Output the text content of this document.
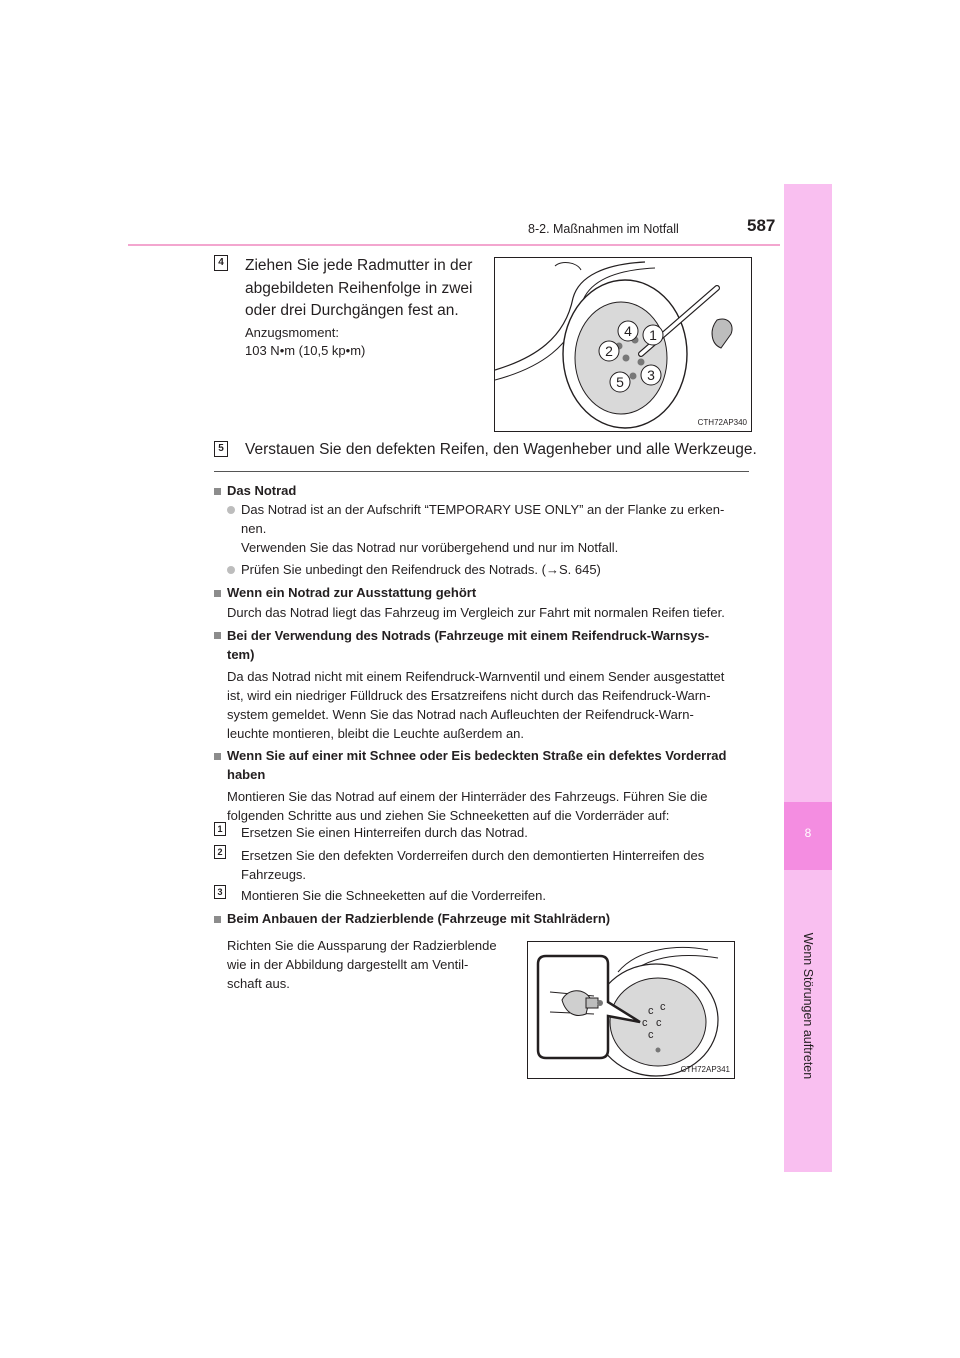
8-2. Maßnahmen im Notfall	587
8
Wenn Störungen auftreten
4 Ziehen Sie jede Radmutter in der abgebildeten Reihenfolge in zwei oder drei Durchgängen fest an.
Anzugsmoment:
103 N•m (10,5 kp•m)
4 1
2
3
5
CTH72AP340
5 Verstauen Sie den defekten Reifen, den Wagenheber und alle Werkzeuge.
Das Notrad
Das Notrad ist an der Aufschrift “TEMPORARY USE ONLY” an der Flanke zu erken-
nen.
Verwenden Sie das Notrad nur vorübergehend und nur im Notfall.
Prüfen Sie unbedingt den Reifendruck des Notrads. (→S. 645)
Wenn ein Notrad zur Ausstattung gehört
Durch das Notrad liegt das Fahrzeug im Vergleich zur Fahrt mit normalen Reifen tiefer.
Bei der Verwendung des Notrads (Fahrzeuge mit einem Reifendruck-Warnsys-
tem)
Da das Notrad nicht mit einem Reifendruck-Warnventil und einem Sender ausgestattet
ist, wird ein niedriger Fülldruck des Ersatzreifens nicht durch das Reifendruck-Warn-
system gemeldet. Wenn Sie das Notrad nach Aufleuchten der Reifendruck-Warn-
leuchte montieren, bleibt die Leuchte außerdem an.
Wenn Sie auf einer mit Schnee oder Eis bedeckten Straße ein defektes Vorderrad
haben
Montieren Sie das Notrad auf einem der Hinterräder des Fahrzeugs. Führen Sie die
folgenden Schritte aus und ziehen Sie Schneeketten auf die Vorderräder auf:
1 Ersetzen Sie einen Hinterreifen durch das Notrad.
2 Ersetzen Sie den defekten Vorderreifen durch den demontierten Hinterreifen des
Fahrzeugs.
3 Montieren Sie die Schneeketten auf die Vorderreifen.
Beim Anbauen der Radzierblende (Fahrzeuge mit Stahlrädern)
Richten Sie die Aussparung der Radzierblende
wie in der Abbildung dargestellt am Ventil-
schaft aus.
c c
c c
c
CTH72AP341
